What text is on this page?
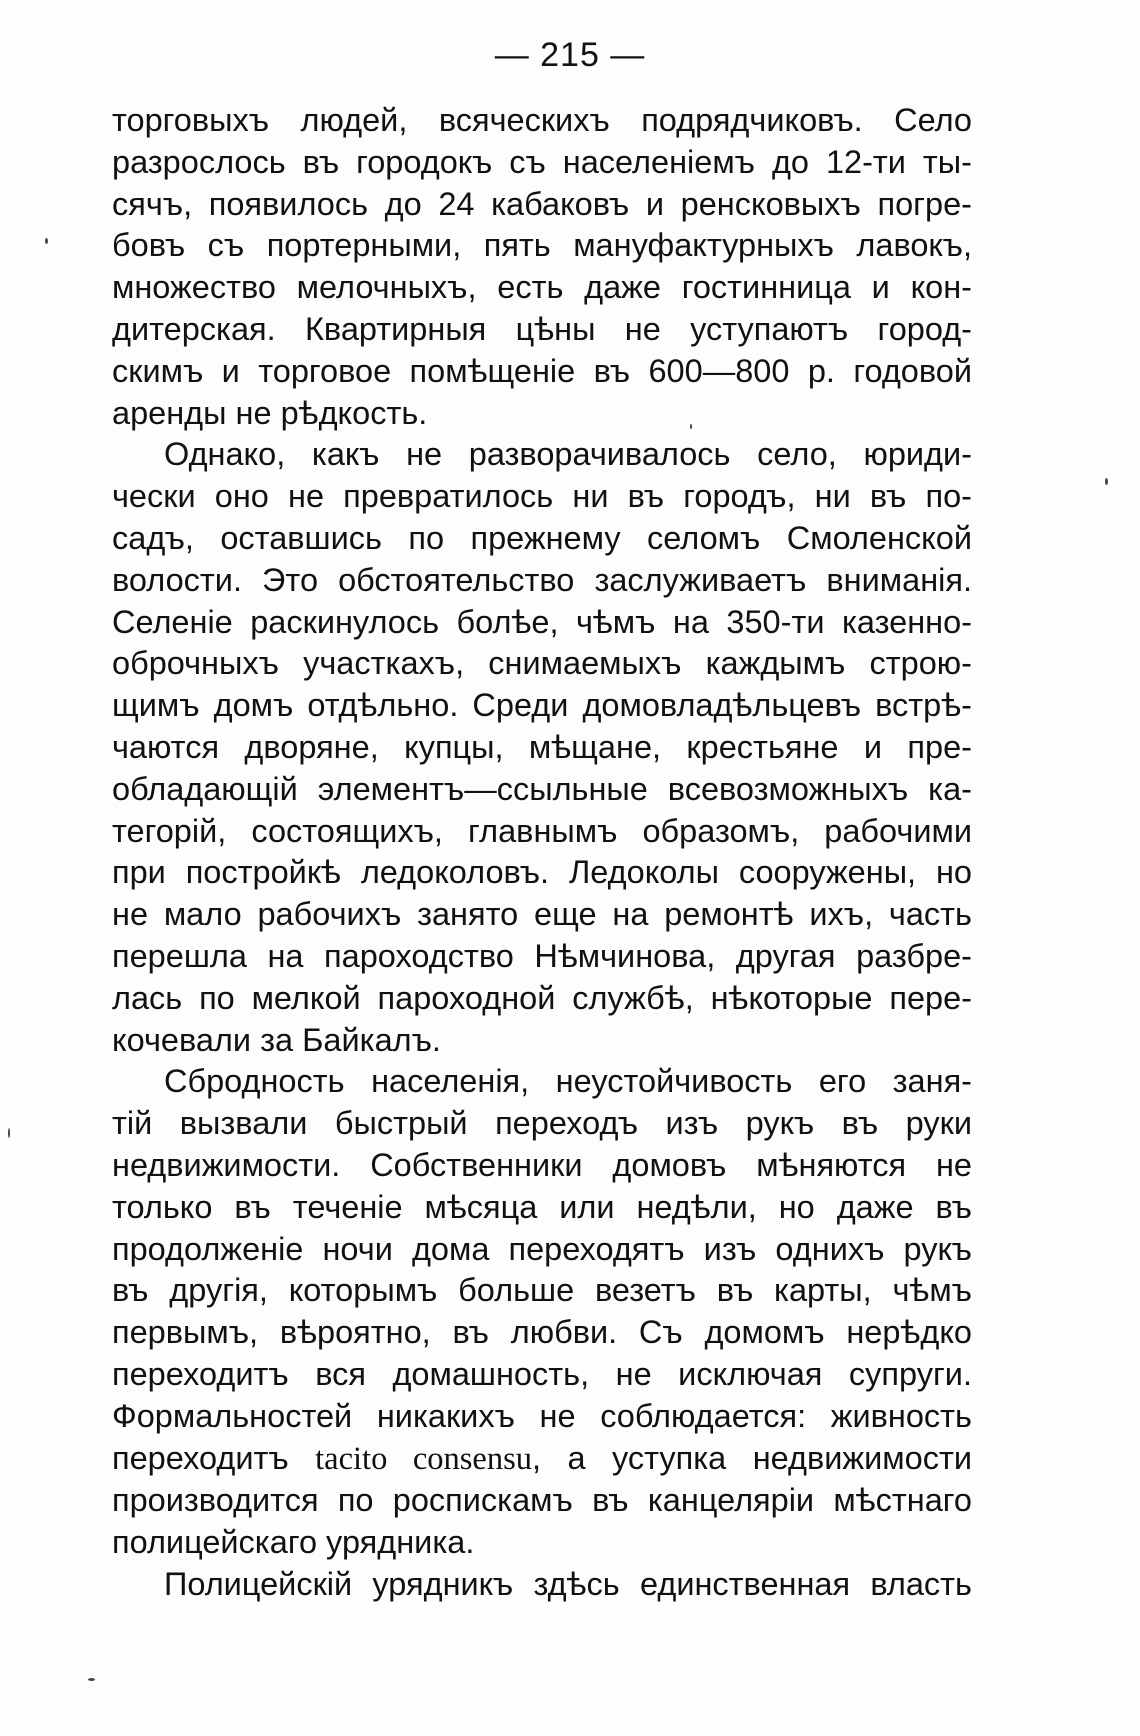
— 215 —
торговыхъ людей, всяческихъ подрядчиковъ. Село
разрослось въ городокъ съ населеніемъ до 12-ти ты-
сячъ, появилось до 24 кабаковъ и ренсковыхъ погре-
бовъ съ портерными, пять мануфактурныхъ лавокъ,
множество мелочныхъ, есть даже гостинница и кон-
дитерская. Квартирныя цѣны не уступаютъ город-
скимъ и торговое помѣщеніе въ 600—800 р. годовой
аренды не рѣдкость.
Однако, какъ не разворачивалось село, юриди-
чески оно не превратилось ни въ городъ, ни въ по-
садъ, оставшись по прежнему селомъ Смоленской
волости. Это обстоятельство заслуживаетъ вниманія.
Селеніе раскинулось болѣе, чѣмъ на 350-ти казенно-
оброчныхъ участкахъ, снимаемыхъ каждымъ строю-
щимъ домъ отдѣльно. Среди домовладѣльцевъ встрѣ-
чаются дворяне, купцы, мѣщане, крестьяне и пре-
обладающій элементъ—ссыльные всевозможныхъ ка-
тегорій, состоящихъ, главнымъ образомъ, рабочими
при постройкѣ ледоколовъ. Ледоколы сооружены, но
не мало рабочихъ занято еще на ремонтѣ ихъ, часть
перешла на пароходство Нѣмчинова, другая разбре-
лась по мелкой пароходной службѣ, нѣкоторые пере-
кочевали за Байкалъ.
Сбродность населенія, неустойчивость его заня-
тій вызвали быстрый переходъ изъ рукъ въ руки
недвижимости. Собственники домовъ мѣняются не
только въ теченіе мѣсяца или недѣли, но даже въ
продолженіе ночи дома переходятъ изъ однихъ рукъ
въ другія, которымъ больше везетъ въ карты, чѣмъ
первымъ, вѣроятно, въ любви. Съ домомъ нерѣдко
переходитъ вся домашность, не исключая супруги.
Формальностей никакихъ не соблюдается: живность
переходитъ tacito consensu, а уступка недвижимости
производится по роспискамъ въ канцеляріи мѣстнаго
полицейскаго урядника.
Полицейскій урядникъ здѣсь единственная власть
